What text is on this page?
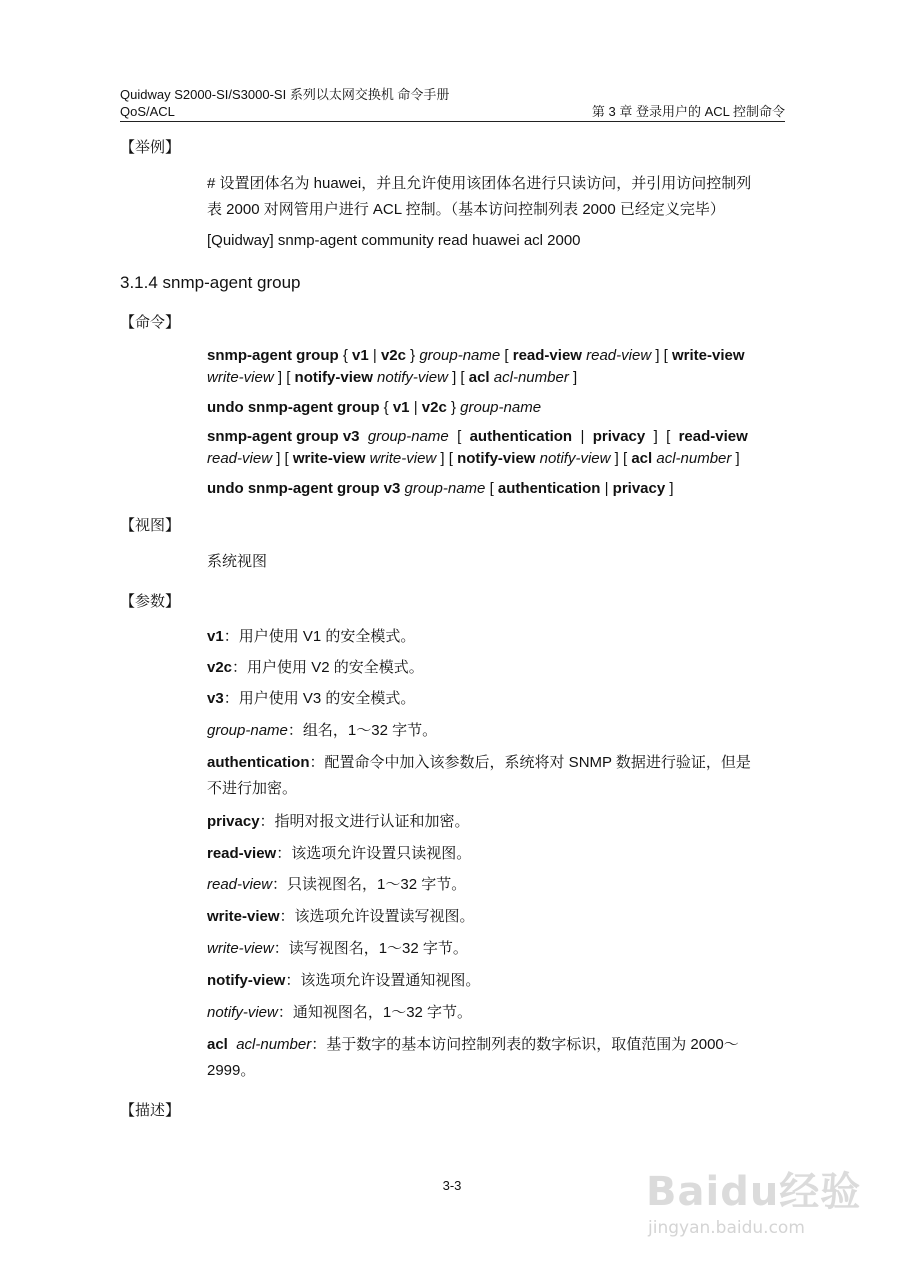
Quidway S2000-SI/S3000-SI 系列以太网交换机 命令手册
QoS/ACL	第 3 章 登录用户的 ACL 控制命令
【举例】
# 设置团体名为 huawei，并且允许使用该团体名进行只读访问，并引用访问控制列
表 2000 对网管用户进行 ACL 控制。（基本访问控制列表 2000 已经定义完毕）
[Quidway] snmp-agent community read huawei acl 2000
3.1.4 snmp-agent group
【命令】
snmp-agent group { v1 | v2c } group-name [ read-view read-view ] [ write-view
write-view ] [ notify-view notify-view ] [ acl acl-number ]
undo snmp-agent group { v1 | v2c } group-name
snmp-agent group v3 group-name  [  authentication  |  privacy  ]  [  read-view
read-view ] [ write-view write-view ] [ notify-view notify-view ] [ acl acl-number ]
undo snmp-agent group v3 group-name [ authentication | privacy ]
【视图】
系统视图
【参数】
v1：用户使用 V1 的安全模式。
v2c：用户使用 V2 的安全模式。
v3：用户使用 V3 的安全模式。
group-name：组名，1～32 字节。
authentication：配置命令中加入该参数后，系统将对 SNMP 数据进行验证，但是
不进行加密。
privacy：指明对报文进行认证和加密。
read-view：该选项允许设置只读视图。
read-view：只读视图名，1～32 字节。
write-view：该选项允许设置读写视图。
write-view：读写视图名，1～32 字节。
notify-view：该选项允许设置通知视图。
notify-view：通知视图名，1～32 字节。
acl acl-number：基于数字的基本访问控制列表的数字标识，取值范围为 2000～
2999。
【描述】
3-3	Baidu经验
jingyan.baidu.com
